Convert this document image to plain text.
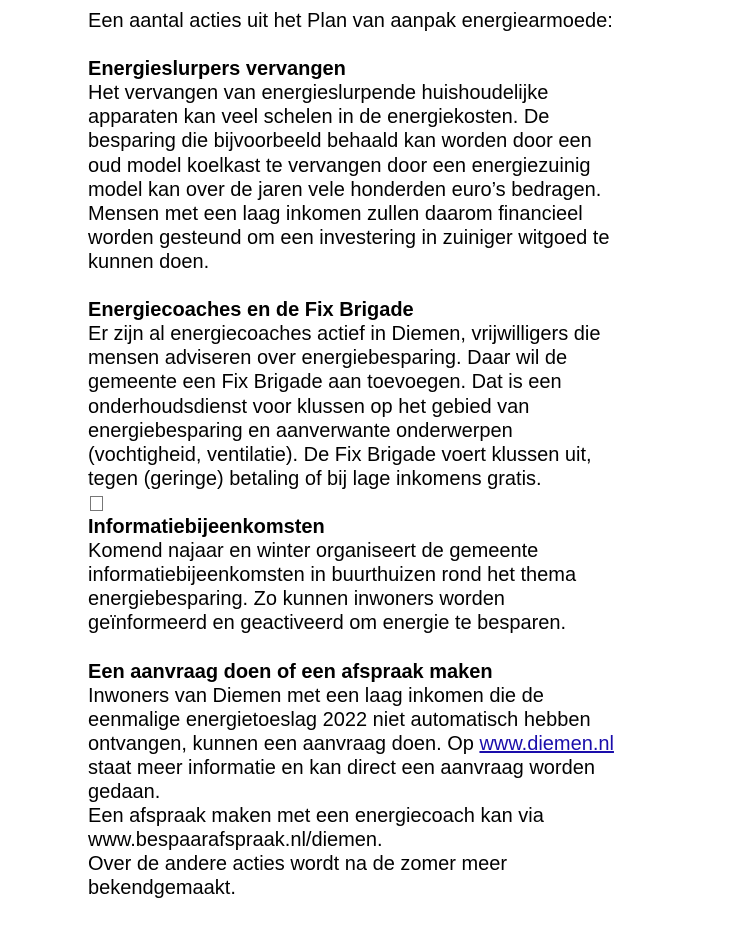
Een aantal acties uit het Plan van aanpak energiearmoede:
Energieslurpers vervangen
Het vervangen van energieslurpende huishoudelijke
apparaten kan veel schelen in de energiekosten. De
besparing die bijvoorbeeld behaald kan worden door een
oud model koelkast te vervangen door een energiezuinig
model kan over de jaren vele honderden euro’s bedragen.
Mensen met een laag inkomen zullen daarom financieel
worden gesteund om een investering in zuiniger witgoed te
kunnen doen.
Energiecoaches en de Fix Brigade
Er zijn al energiecoaches actief in Diemen, vrijwilligers die
mensen adviseren over energiebesparing. Daar wil de
gemeente een Fix Brigade aan toevoegen. Dat is een
onderhoudsdienst voor klussen op het gebied van
energiebesparing en aanverwante onderwerpen
(vochtigheid, ventilatie). De Fix Brigade voert klussen uit,
tegen (geringe) betaling of bij lage inkomens gratis.
Informatiebijeenkomsten
Komend najaar en winter organiseert de gemeente
informatiebijeenkomsten in buurthuizen rond het thema
energiebesparing. Zo kunnen inwoners worden
geïnformeerd en geactiveerd om energie te besparen.
Een aanvraag doen of een afspraak maken
Inwoners van Diemen met een laag inkomen die de
eenmalige energietoeslag 2022 niet automatisch hebben
ontvangen, kunnen een aanvraag doen. Op www.diemen.nl
staat meer informatie en kan direct een aanvraag worden
gedaan.
Een afspraak maken met een energiecoach kan via
www.bespaarafspraak.nl/diemen.
Over de andere acties wordt na de zomer meer
bekendgemaakt.
